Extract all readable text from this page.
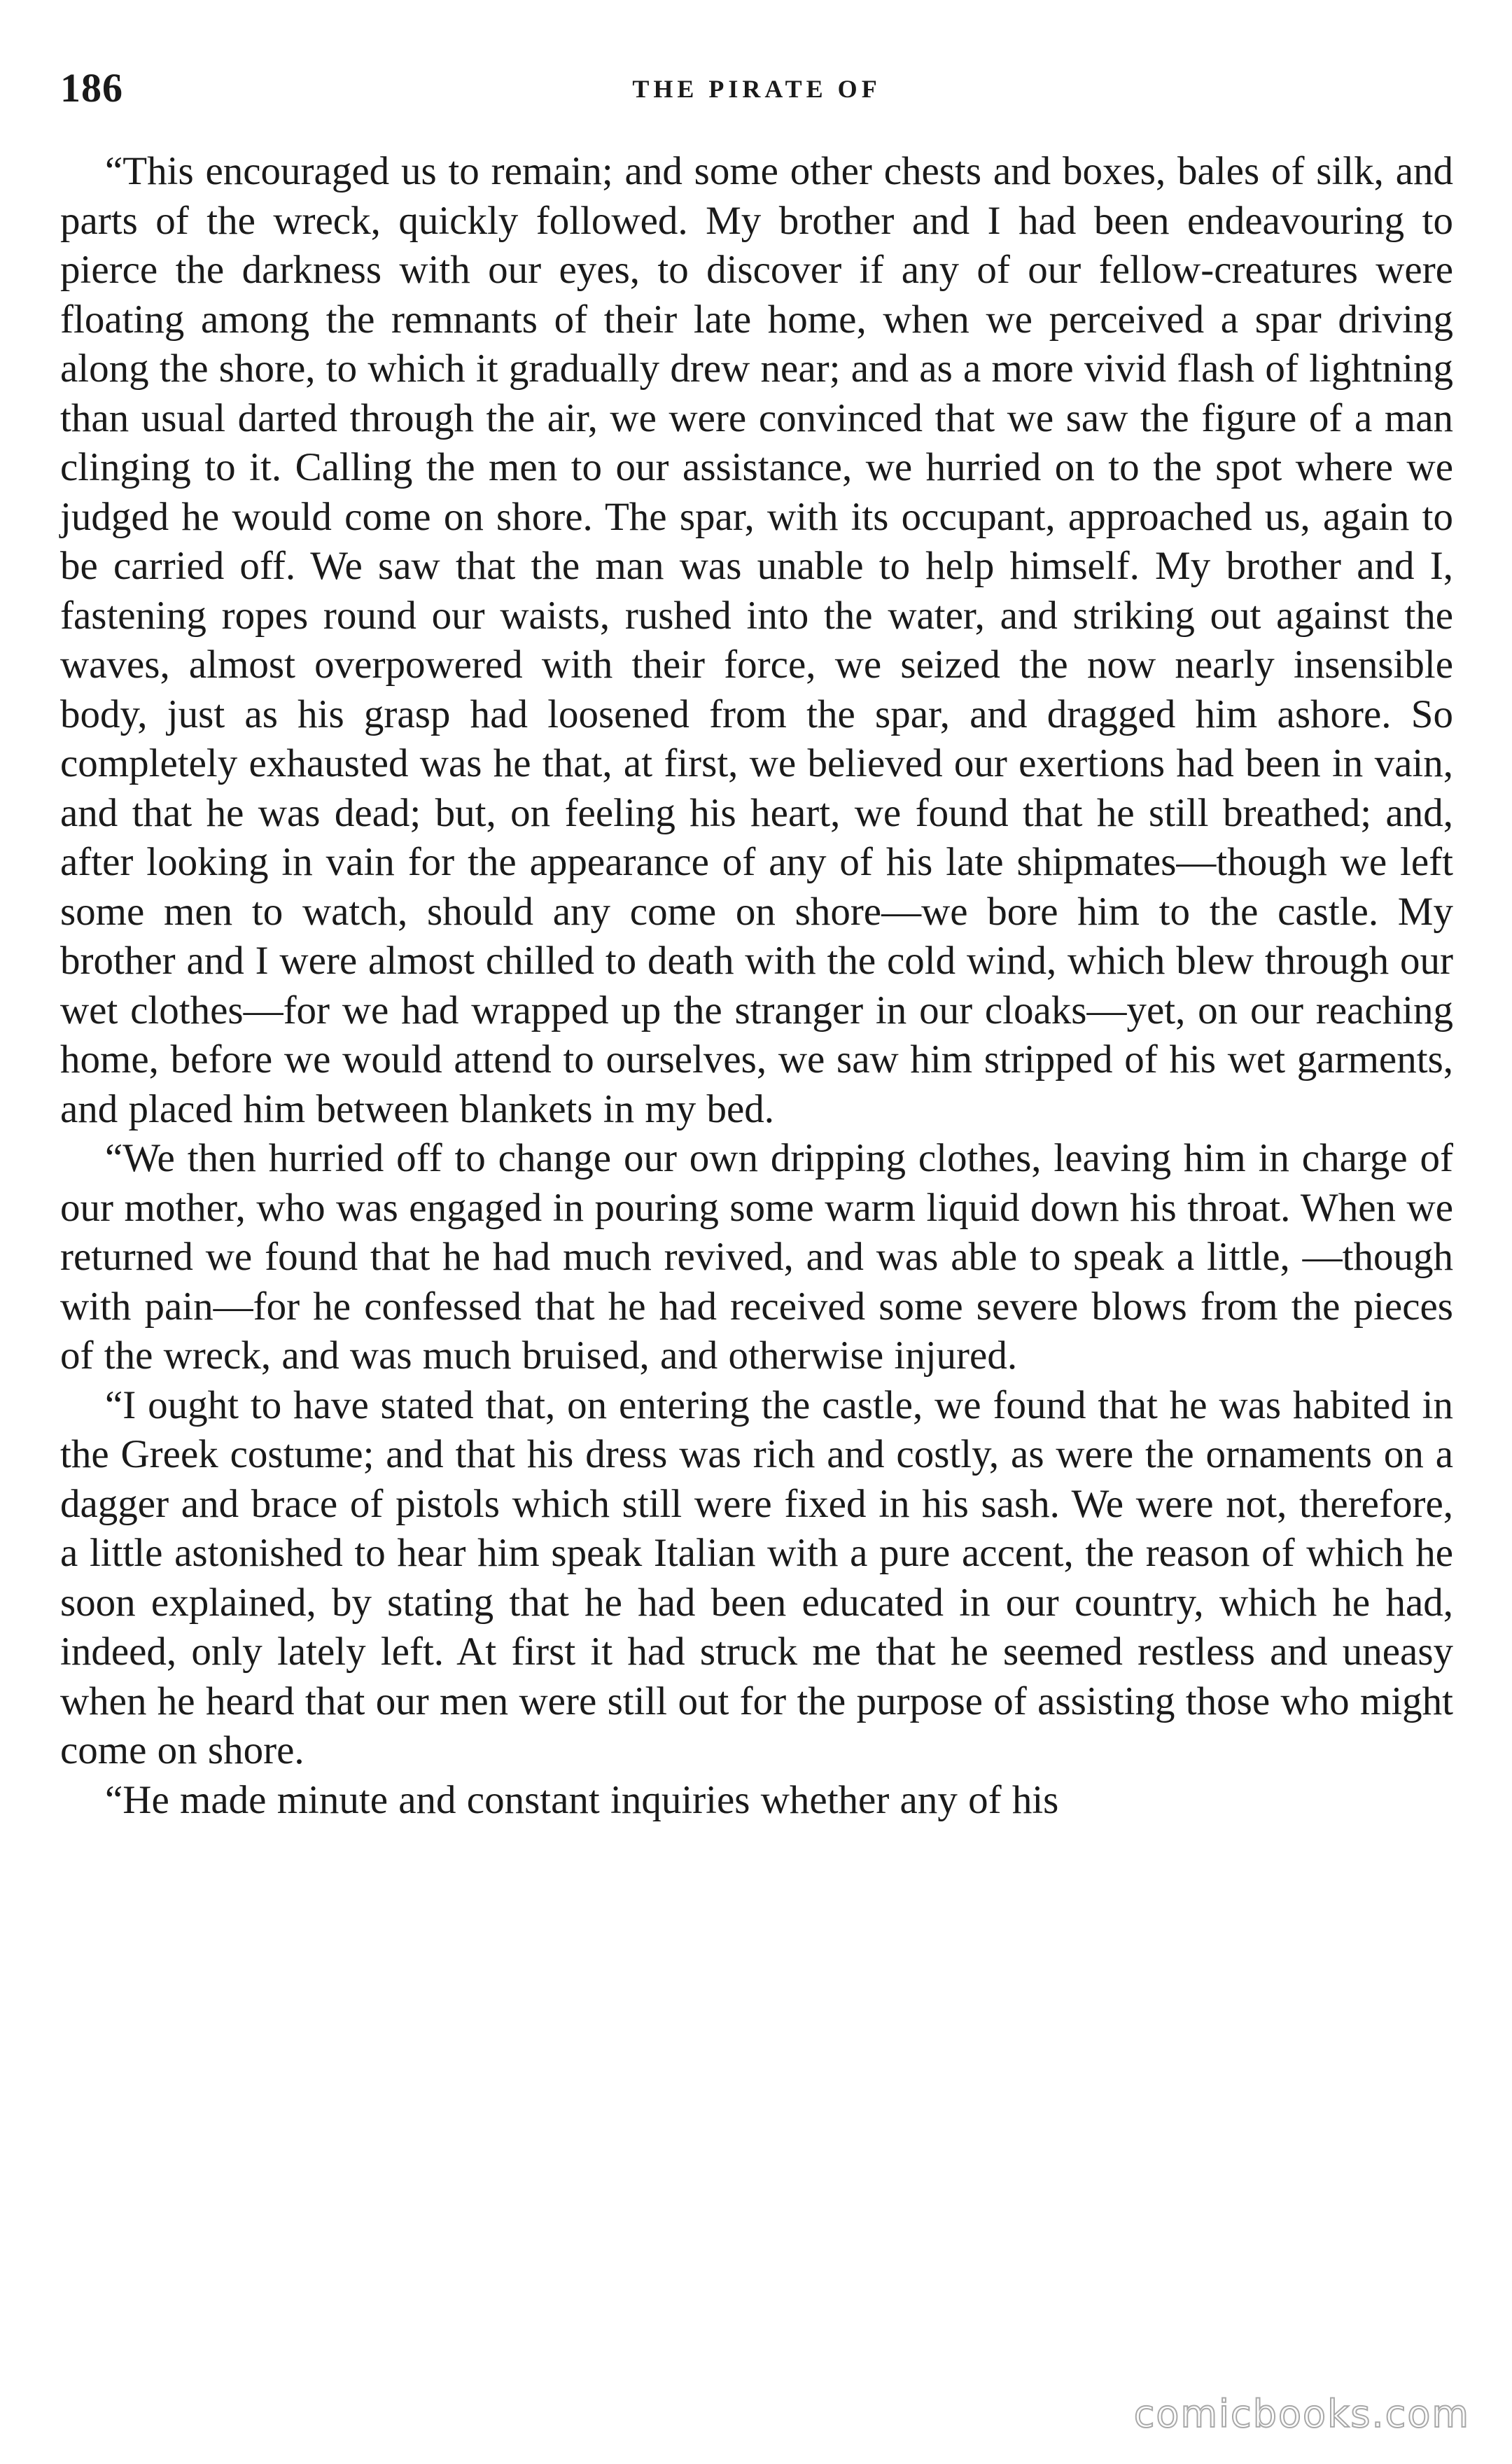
186	THE PIRATE OF

“This encouraged us to remain; and some other chests and boxes, bales of silk, and parts of the wreck, quickly followed. My brother and I had been endeavouring to pierce the darkness with our eyes, to discover if any of our fellow-creatures were floating among the remnants of their late home, when we perceived a spar driving along the shore, to which it gradually drew near; and as a more vivid flash of lightning than usual darted through the air, we were convinced that we saw the figure of a man clinging to it. Calling the men to our assistance, we hurried on to the spot where we judged he would come on shore. The spar, with its occupant, approached us, again to be carried off. We saw that the man was unable to help himself. My brother and I, fastening ropes round our waists, rushed into the water, and striking out against the waves, almost overpowered with their force, we seized the now nearly insensible body, just as his grasp had loosened from the spar, and dragged him ashore. So completely exhausted was he that, at first, we believed our exertions had been in vain, and that he was dead; but, on feeling his heart, we found that he still breathed; and, after looking in vain for the appearance of any of his late shipmates—though we left some men to watch, should any come on shore—we bore him to the castle. My brother and I were almost chilled to death with the cold wind, which blew through our wet clothes—for we had wrapped up the stranger in our cloaks—yet, on our reaching home, before we would attend to ourselves, we saw him stripped of his wet garments, and placed him between blankets in my bed.

“We then hurried off to change our own dripping clothes, leaving him in charge of our mother, who was engaged in pouring some warm liquid down his throat. When we returned we found that he had much revived, and was able to speak a little, —though with pain—for he confessed that he had received some severe blows from the pieces of the wreck, and was much bruised, and otherwise injured.

“I ought to have stated that, on entering the castle, we found that he was habited in the Greek costume; and that his dress was rich and costly, as were the ornaments on a dagger and brace of pistols which still were fixed in his sash. We were not, therefore, a little astonished to hear him speak Italian with a pure accent, the reason of which he soon explained, by stating that he had been educated in our country, which he had, indeed, only lately left. At first it had struck me that he seemed restless and uneasy when he heard that our men were still out for the purpose of assisting those who might come on shore.

“He made minute and constant inquiries whether any of his

comicbooks.com
